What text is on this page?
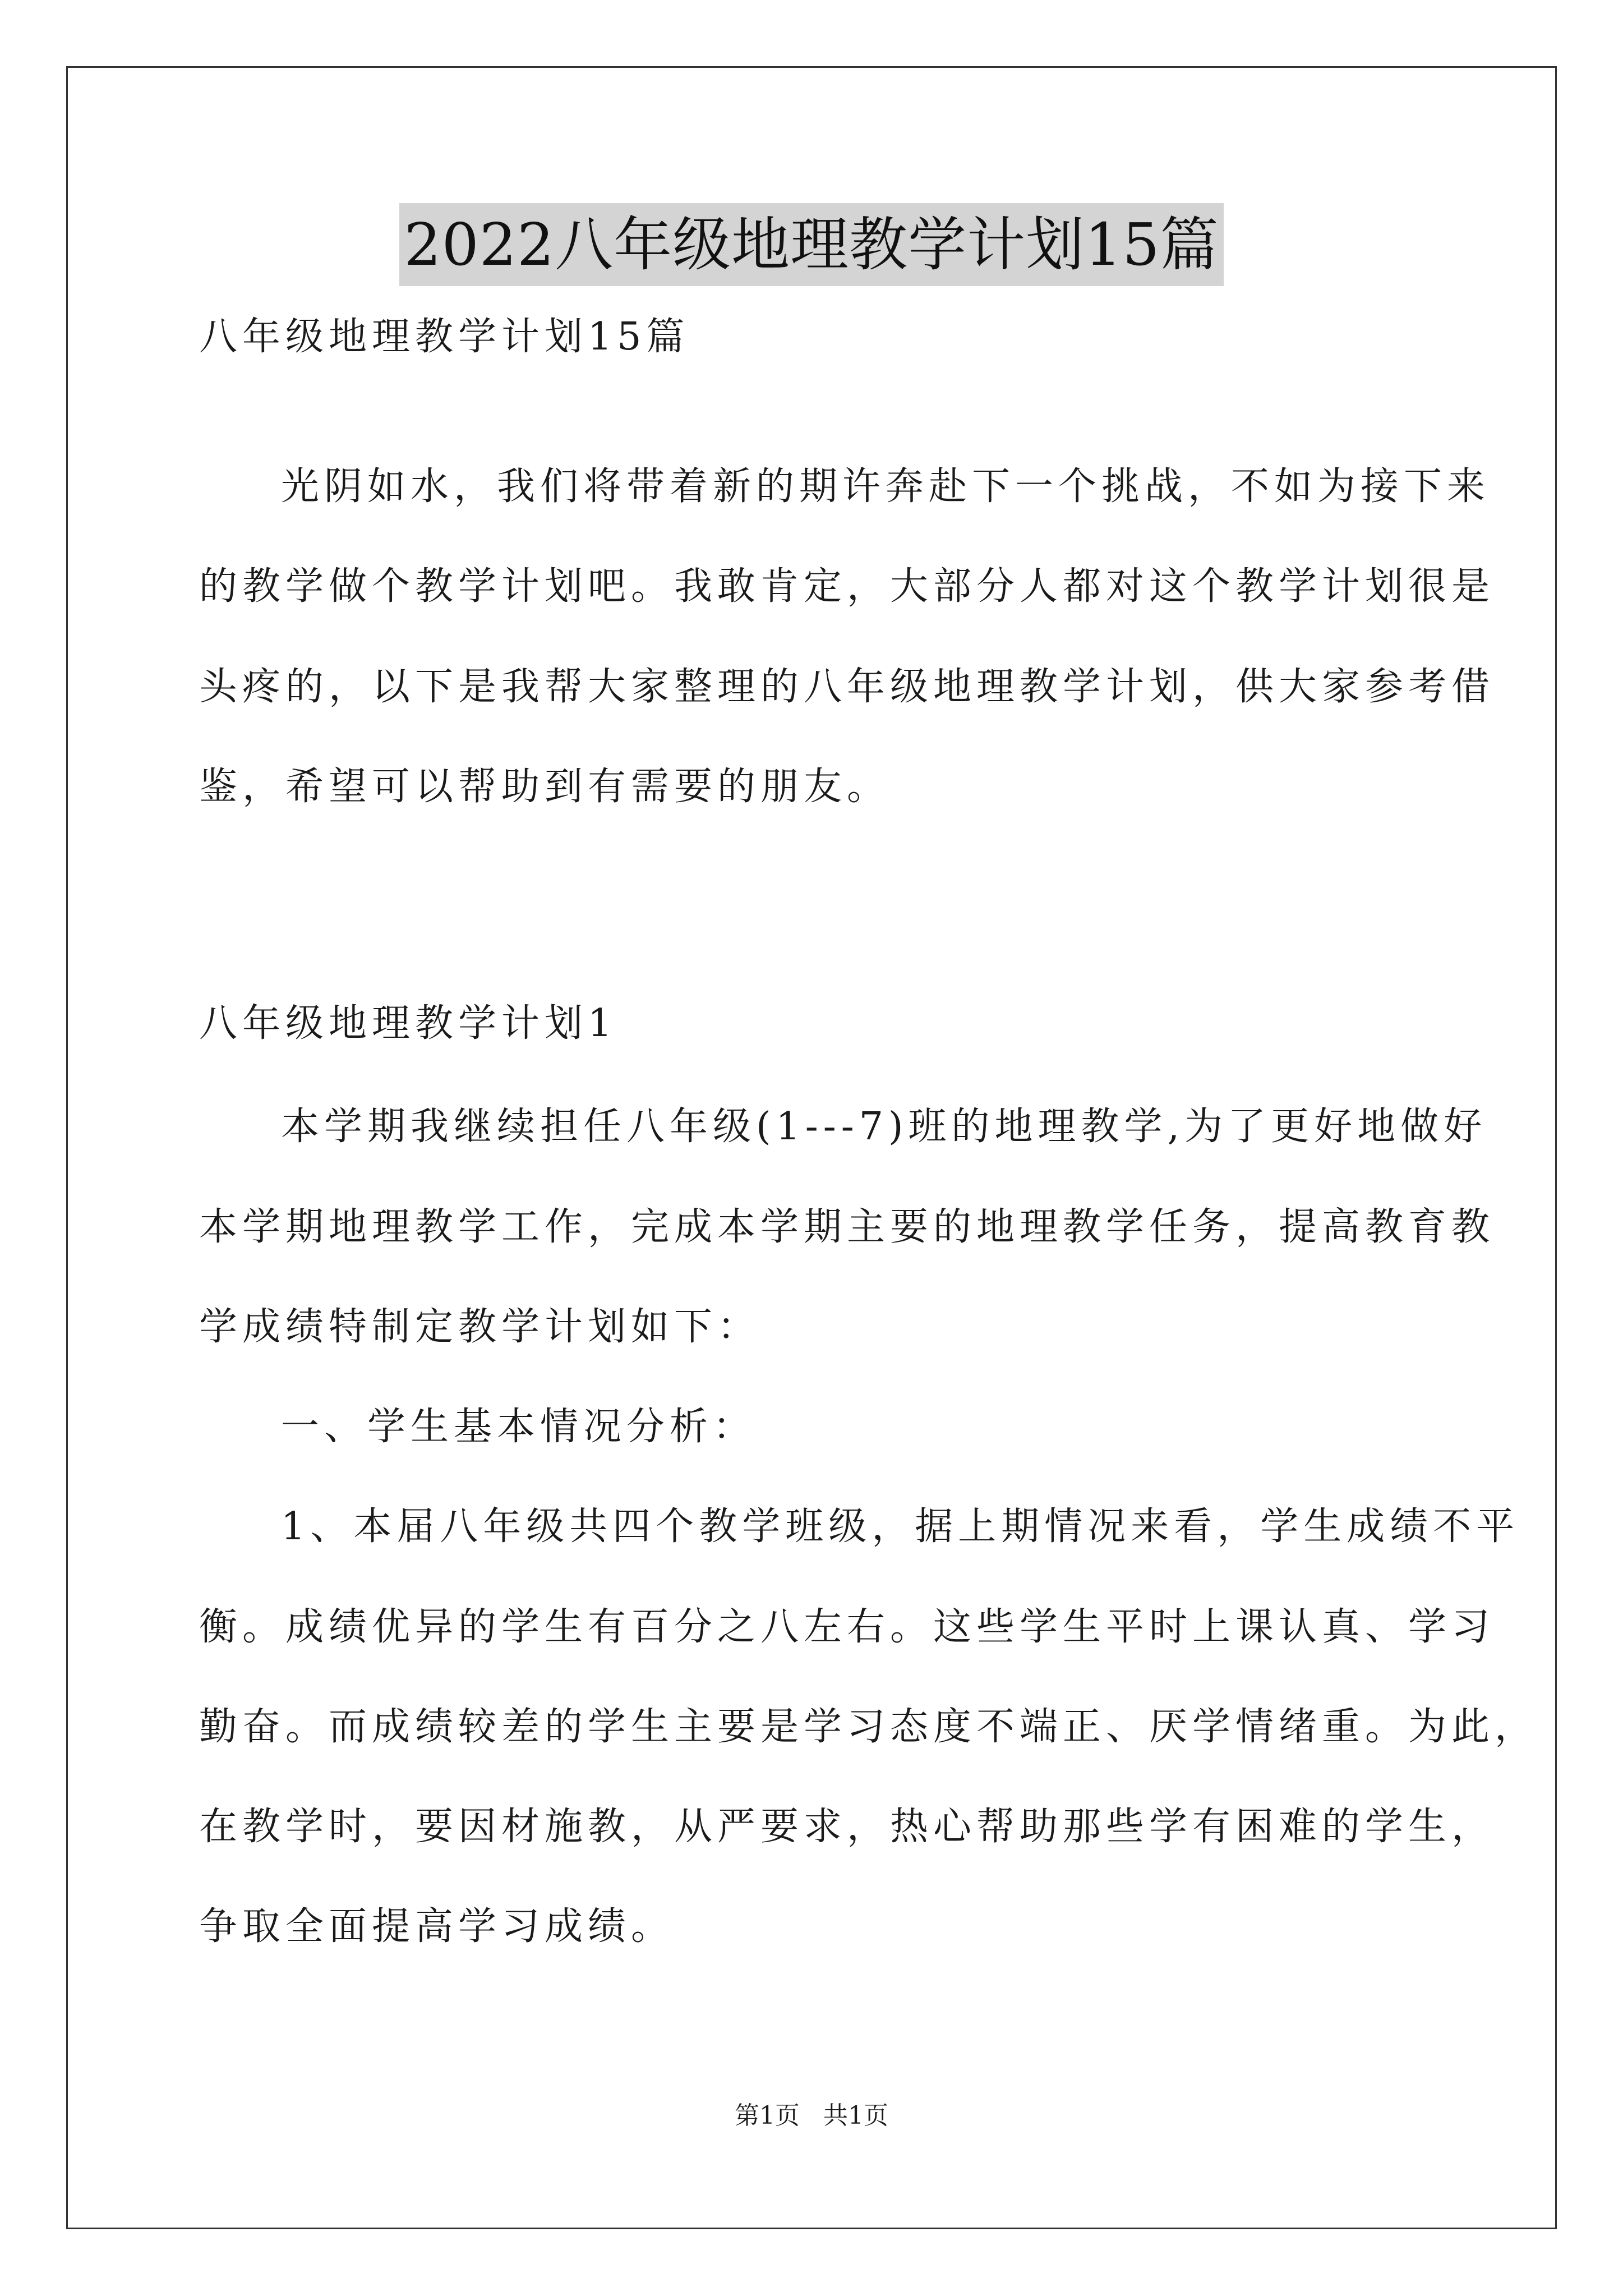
2022八年级地理教学计划15篇
八年级地理教学计划15篇
光阴如水，我们将带着新的期许奔赴下一个挑战，不如为接下来
的教学做个教学计划吧。我敢肯定，大部分人都对这个教学计划很是
头疼的，以下是我帮大家整理的八年级地理教学计划，供大家参考借
鉴，希望可以帮助到有需要的朋友。
八年级地理教学计划1
本学期我继续担任八年级(1---7)班的地理教学,为了更好地做好
本学期地理教学工作，完成本学期主要的地理教学任务，提高教育教
学成绩特制定教学计划如下：
一、学生基本情况分析：
1、本届八年级共四个教学班级，据上期情况来看，学生成绩不平
衡。成绩优异的学生有百分之八左右。这些学生平时上课认真、学习
勤奋。而成绩较差的学生主要是学习态度不端正、厌学情绪重。为此，
在教学时，要因材施教，从严要求，热心帮助那些学有困难的学生，
争取全面提高学习成绩。
第1页   共1页
